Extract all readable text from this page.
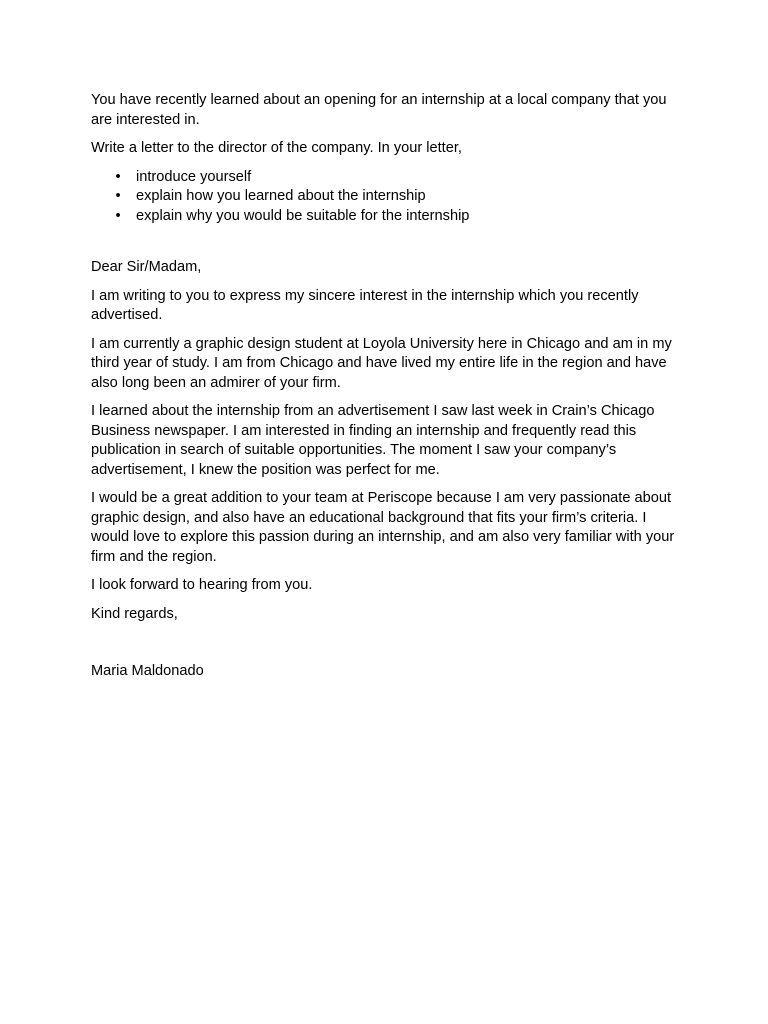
You have recently learned about an opening for an internship at a local company that you are interested in.

Write a letter to the director of the company. In your letter,

• introduce yourself
• explain how you learned about the internship
• explain why you would be suitable for the internship

Dear Sir/Madam,

I am writing to you to express my sincere interest in the internship which you recently advertised.

I am currently a graphic design student at Loyola University here in Chicago and am in my third year of study. I am from Chicago and have lived my entire life in the region and have also long been an admirer of your firm.

I learned about the internship from an advertisement I saw last week in Crain’s Chicago Business newspaper. I am interested in finding an internship and frequently read this publication in search of suitable opportunities. The moment I saw your company’s advertisement, I knew the position was perfect for me.

I would be a great addition to your team at Periscope because I am very passionate about graphic design, and also have an educational background that fits your firm’s criteria. I would love to explore this passion during an internship, and am also very familiar with your firm and the region.

I look forward to hearing from you.

Kind regards,

Maria Maldonado
